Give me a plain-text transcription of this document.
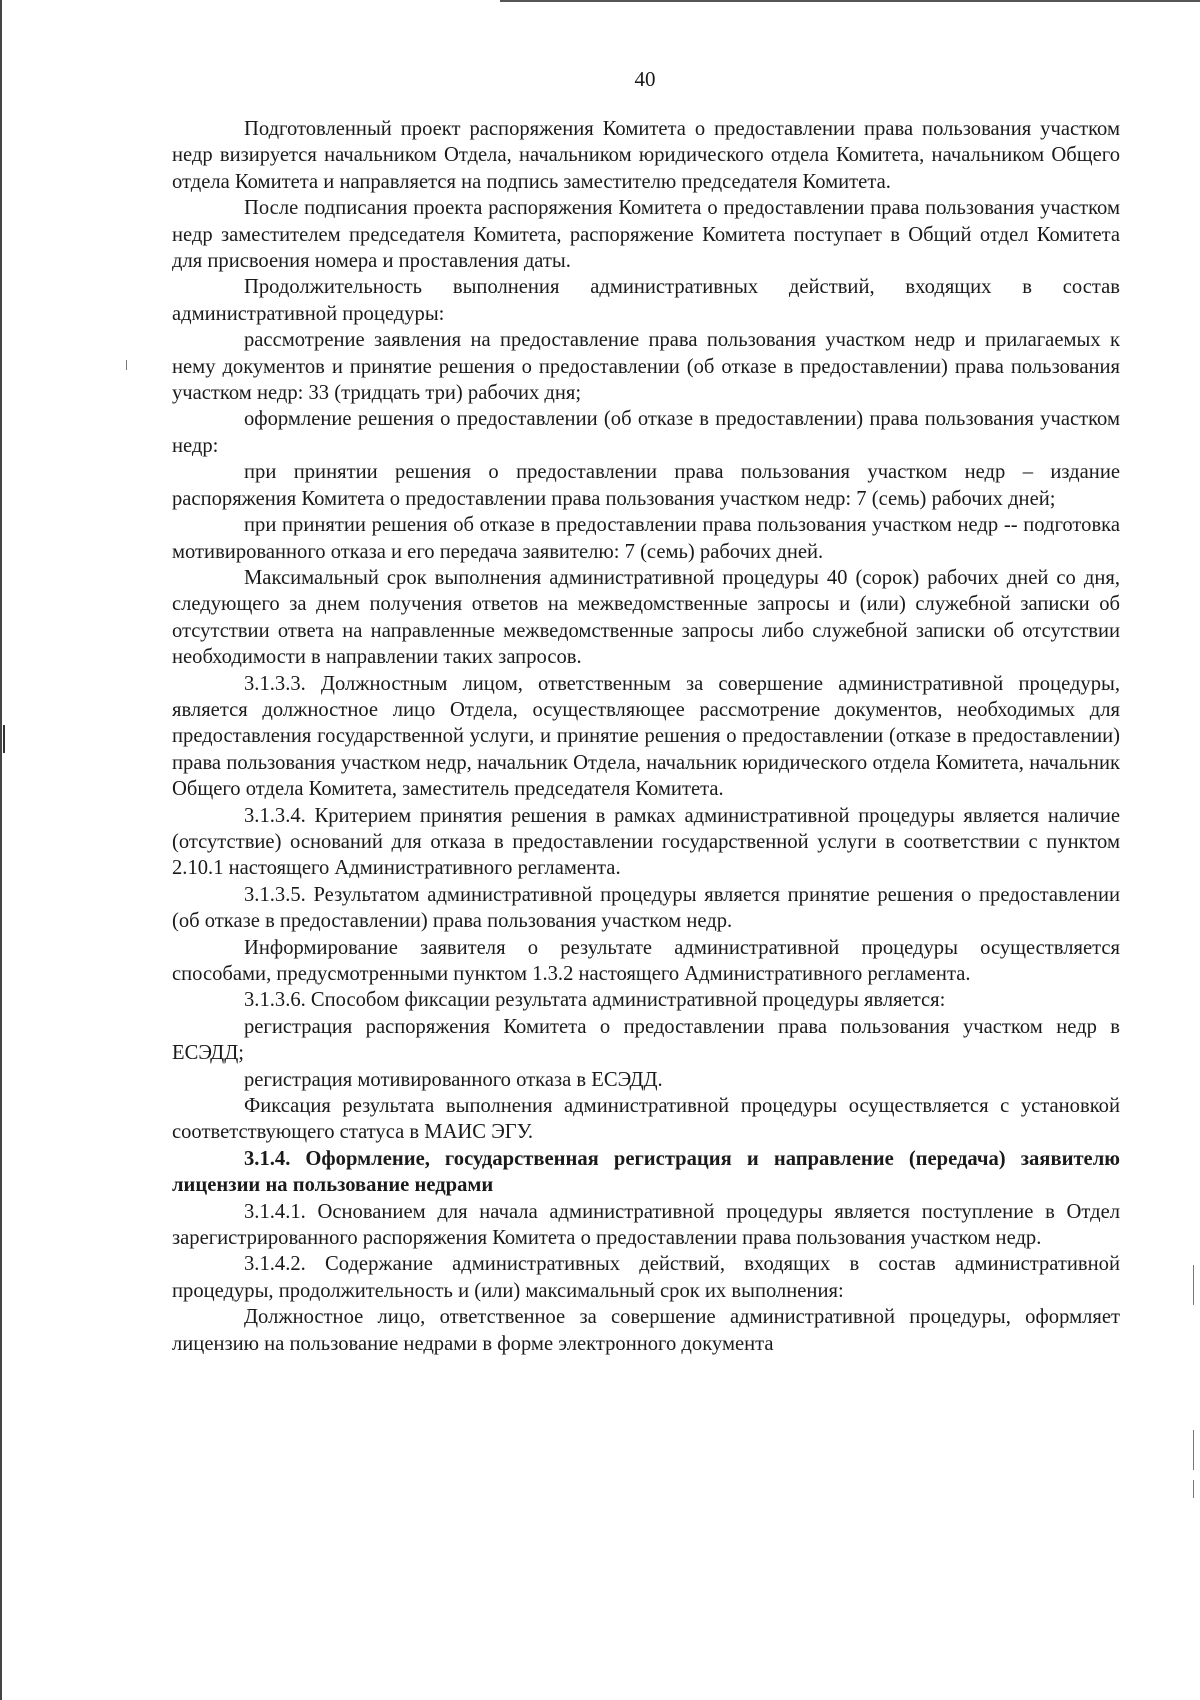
40

Подготовленный проект распоряжения Комитета о предоставлении права пользования участком недр визируется начальником Отдела, начальником юридического отдела Комитета, начальником Общего отдела Комитета и направляется на подпись заместителю председателя Комитета.

После подписания проекта распоряжения Комитета о предоставлении права пользования участком недр заместителем председателя Комитета, распоряжение Комитета поступает в Общий отдел Комитета для присвоения номера и проставления даты.

Продолжительность выполнения административных действий, входящих в состав административной процедуры:

рассмотрение заявления на предоставление права пользования участком недр и прилагаемых к нему документов и принятие решения о предоставлении (об отказе в предоставлении) права пользования участком недр: 33 (тридцать три) рабочих дня;

оформление решения о предоставлении (об отказе в предоставлении) права пользования участком недр:

при принятии решения о предоставлении права пользования участком недр – издание распоряжения Комитета о предоставлении права пользования участком недр: 7 (семь) рабочих дней;

при принятии решения об отказе в предоставлении права пользования участком недр -- подготовка мотивированного отказа и его передача заявителю: 7 (семь) рабочих дней.

Максимальный срок выполнения административной процедуры 40 (сорок) рабочих дней со дня, следующего за днем получения ответов на межведомственные запросы и (или) служебной записки об отсутствии ответа на направленные межведомственные запросы либо служебной записки об отсутствии необходимости в направлении таких запросов.

3.1.3.3. Должностным лицом, ответственным за совершение административной процедуры, является должностное лицо Отдела, осуществляющее рассмотрение документов, необходимых для предоставления государственной услуги, и принятие решения о предоставлении (отказе в предоставлении) права пользования участком недр, начальник Отдела, начальник юридического отдела Комитета, начальник Общего отдела Комитета, заместитель председателя Комитета.

3.1.3.4. Критерием принятия решения в рамках административной процедуры является наличие (отсутствие) оснований для отказа в предоставлении государственной услуги в соответствии с пунктом 2.10.1 настоящего Административного регламента.

3.1.3.5. Результатом административной процедуры является принятие решения о предоставлении (об отказе в предоставлении) права пользования участком недр.

Информирование заявителя о результате административной процедуры осуществляется способами, предусмотренными пунктом 1.3.2 настоящего Административного регламента.

3.1.3.6. Способом фиксации результата административной процедуры является:

регистрация распоряжения Комитета о предоставлении права пользования участком недр в ЕСЭДД;

регистрация мотивированного отказа в ЕСЭДД.

Фиксация результата выполнения административной процедуры осуществляется с установкой соответствующего статуса в МАИС ЭГУ.

3.1.4. Оформление, государственная регистрация и направление (передача) заявителю лицензии на пользование недрами

3.1.4.1. Основанием для начала административной процедуры является поступление в Отдел зарегистрированного распоряжения Комитета о предоставлении права пользования участком недр.

3.1.4.2. Содержание административных действий, входящих в состав административной процедуры, продолжительность и (или) максимальный срок их выполнения:

Должностное лицо, ответственное за совершение административной процедуры, оформляет лицензию на пользование недрами в форме электронного документа
